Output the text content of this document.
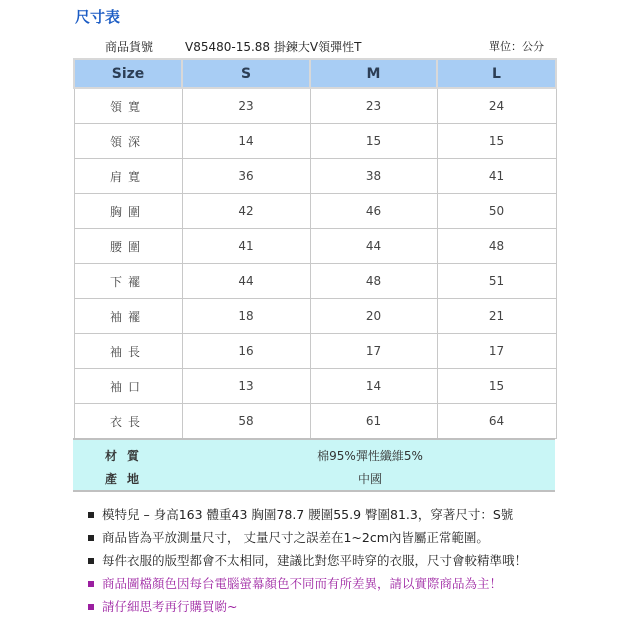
尺寸表
商品貨號	V85480-15.88 掛鍊大V領彈性T	單位：公分
Size	S	M	L
領寬	23	23	24
領深	14	15	15
肩寬	36	38	41
胸圍	42	46	50
腰圍	41	44	48
下襬	44	48	51
袖襬	18	20	21
袖長	16	17	17
袖口	13	14	15
衣長	58	61	64
材質	棉95%彈性纖維5%
產地	中國
模特兒 – 身高163 體重43 胸圍78.7 腰圍55.9 臀圍81.3，穿著尺寸：S號
商品皆為平放測量尺寸， 丈量尺寸之誤差在1~2cm內皆屬正常範圍。
每件衣服的版型都會不太相同，建議比對您平時穿的衣服，尺寸會較精準哦！
商品圖檔顏色因每台電腦螢幕顏色不同而有所差異，請以實際商品為主！
請仔細思考再行購買喲~
